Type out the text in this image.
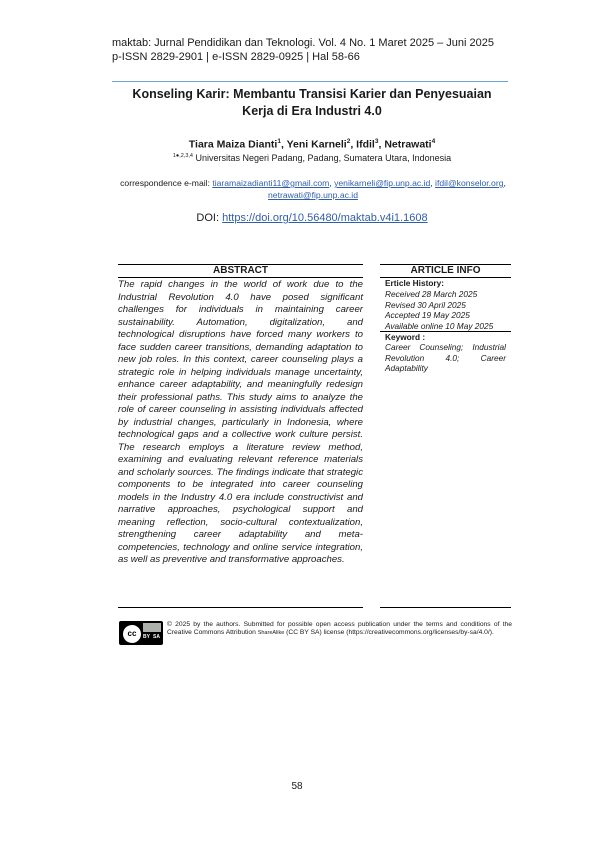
maktab: Jurnal Pendidikan dan Teknologi. Vol. 4 No. 1 Maret 2025 – Juni 2025
p-ISSN 2829-2901 | e-ISSN 2829-0925 | Hal 58-66
Konseling Karir: Membantu Transisi Karier dan Penyesuaian
Kerja di Era Industri 4.0
Tiara Maiza Dianti$^1$, Yeni Karneli$^2$, Ifdil$^3$, Netrawati$^4$
$^{1●,2,3,4}$ Universitas Negeri Padang, Padang, Sumatera Utara, Indonesia
correspondence e-mail: tiaramaizadianti11@gmail.com, yenikarneli@fip.unp.ac.id, ifdil@konselor.org, netrawati@fip.unp.ac.id
DOI: https://doi.org/10.56480/maktab.v4i1.1608
ABSTRACT
The rapid changes in the world of work due to the Industrial Revolution 4.0 have posed significant challenges for individuals in maintaining career sustainability. Automation, digitalization, and technological disruptions have forced many workers to face sudden career transitions, demanding adaptation to new job roles. In this context, career counseling plays a strategic role in helping individuals manage uncertainty, enhance career adaptability, and meaningfully redesign their professional paths. This study aims to analyze the role of career counseling in assisting individuals affected by industrial changes, particularly in Indonesia, where technological gaps and a collective work culture persist. The research employs a literature review method, examining and evaluating relevant reference materials and scholarly sources. The findings indicate that strategic components to be integrated into career counseling models in the Industry 4.0 era include constructivist and narrative approaches, psychological support and meaning reflection, socio-cultural contextualization, strengthening career adaptability and meta-competencies, technology and online service integration, as well as preventive and transformative approaches.
ARTICLE INFO
Erticle History:
Received 28 March 2025
Revised 30 April 2025
Accepted 19 May 2025
Available online 10 May 2025
Keyword :
Career Counseling; Industrial Revolution 4.0; Career Adaptability
cc	BY SA
© 2025 by the authors. Submitted for possible open access publication under the terms and conditions of the Creative Commons Attribution ShareAlike (CC BY SA) license (https://creativecommons.org/licenses/by-sa/4.0/).
58
